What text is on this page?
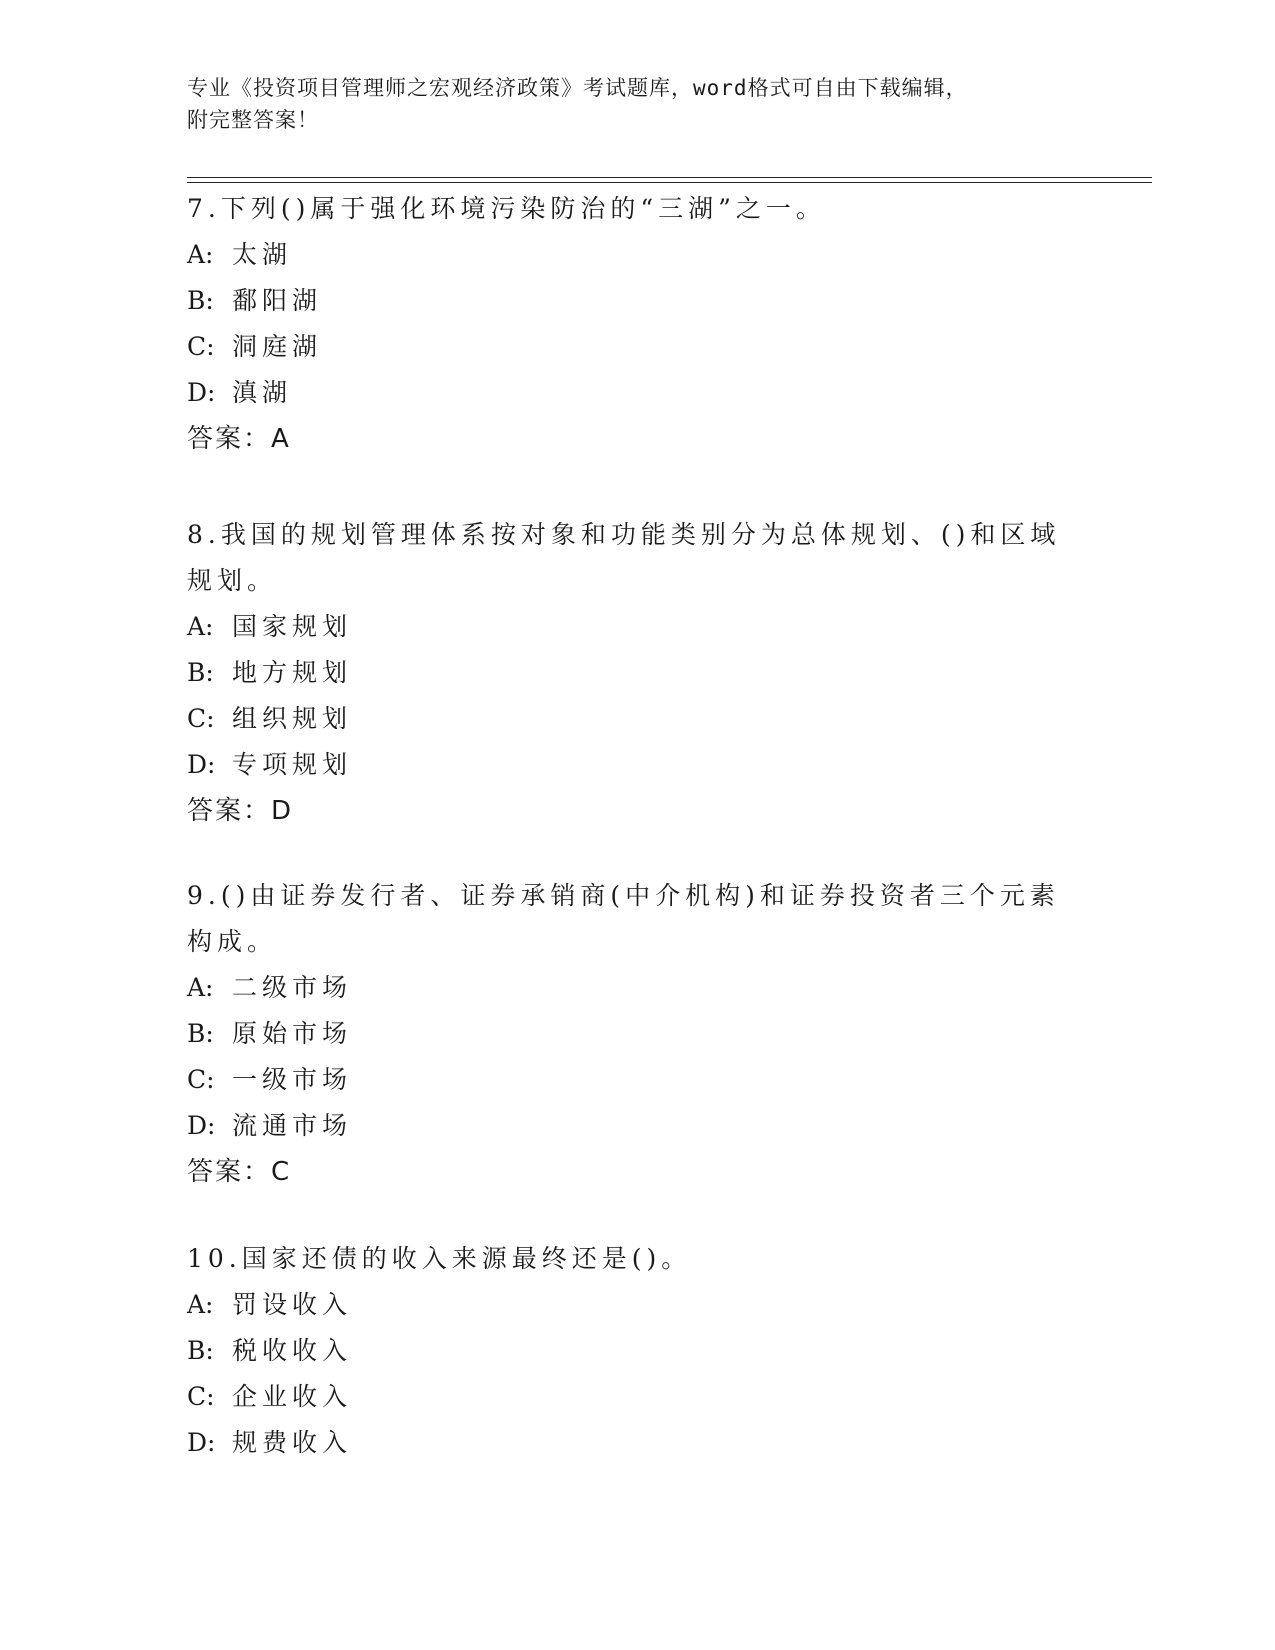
专业《投资项目管理师之宏观经济政策》考试题库，word格式可自由下载编辑，
附完整答案！

7.下列()属于强化环境污染防治的“三湖”之一。

A: 太湖
B: 鄱阳湖
C: 洞庭湖
D: 滇湖
答案：A

8.我国的规划管理体系按对象和功能类别分为总体规划、()和区域规划。

A: 国家规划
B: 地方规划
C: 组织规划
D: 专项规划
答案：D

9.()由证券发行者、证券承销商(中介机构)和证券投资者三个元素构成。

A: 二级市场
B: 原始市场
C: 一级市场
D: 流通市场
答案：C

10.国家还债的收入来源最终还是()。

A: 罚设收入
B: 税收收入
C: 企业收入
D: 规费收入
